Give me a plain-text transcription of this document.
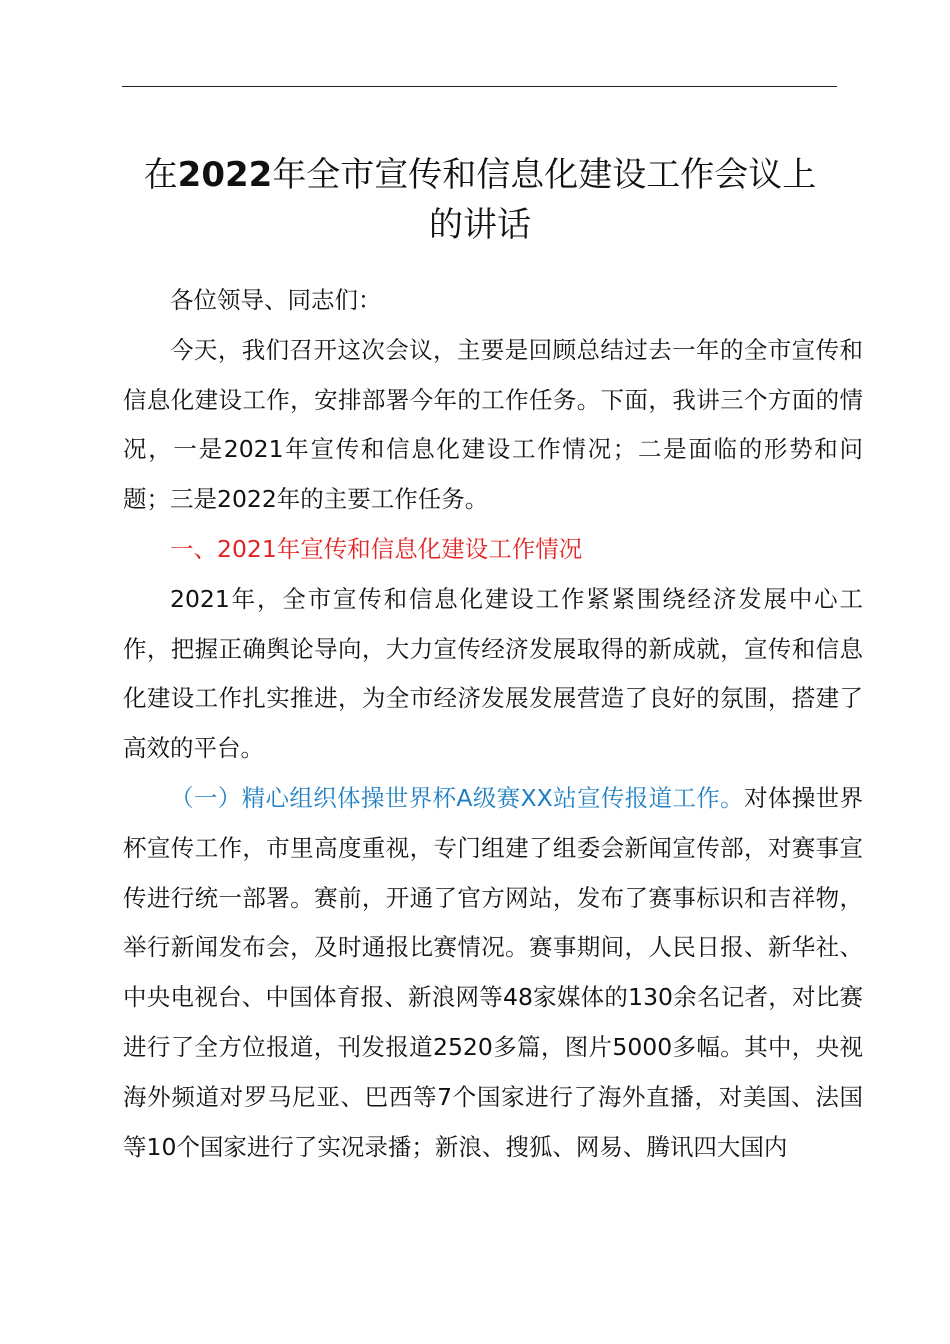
在2022年全市宣传和信息化建设工作会议上
的讲话

各位领导、同志们：

今天，我们召开这次会议，主要是回顾总结过去一年的全市宣传和信息化建设工作，安排部署今年的工作任务。下面，我讲三个方面的情况，一是2021年宣传和信息化建设工作情况；二是面临的形势和问题；三是2022年的主要工作任务。

一、2021年宣传和信息化建设工作情况

2021年，全市宣传和信息化建设工作紧紧围绕经济发展中心工作，把握正确舆论导向，大力宣传经济发展取得的新成就，宣传和信息化建设工作扎实推进，为全市经济发展发展营造了良好的氛围，搭建了高效的平台。

（一）精心组织体操世界杯A级赛XX站宣传报道工作。对体操世界杯宣传工作，市里高度重视，专门组建了组委会新闻宣传部，对赛事宣传进行统一部署。赛前，开通了官方网站，发布了赛事标识和吉祥物，举行新闻发布会，及时通报比赛情况。赛事期间，人民日报、新华社、中央电视台、中国体育报、新浪网等48家媒体的130余名记者，对比赛进行了全方位报道，刊发报道2520多篇，图片5000多幅。其中，央视海外频道对罗马尼亚、巴西等7个国家进行了海外直播，对美国、法国等10个国家进行了实况录播；新浪、搜狐、网易、腾讯四大国内
